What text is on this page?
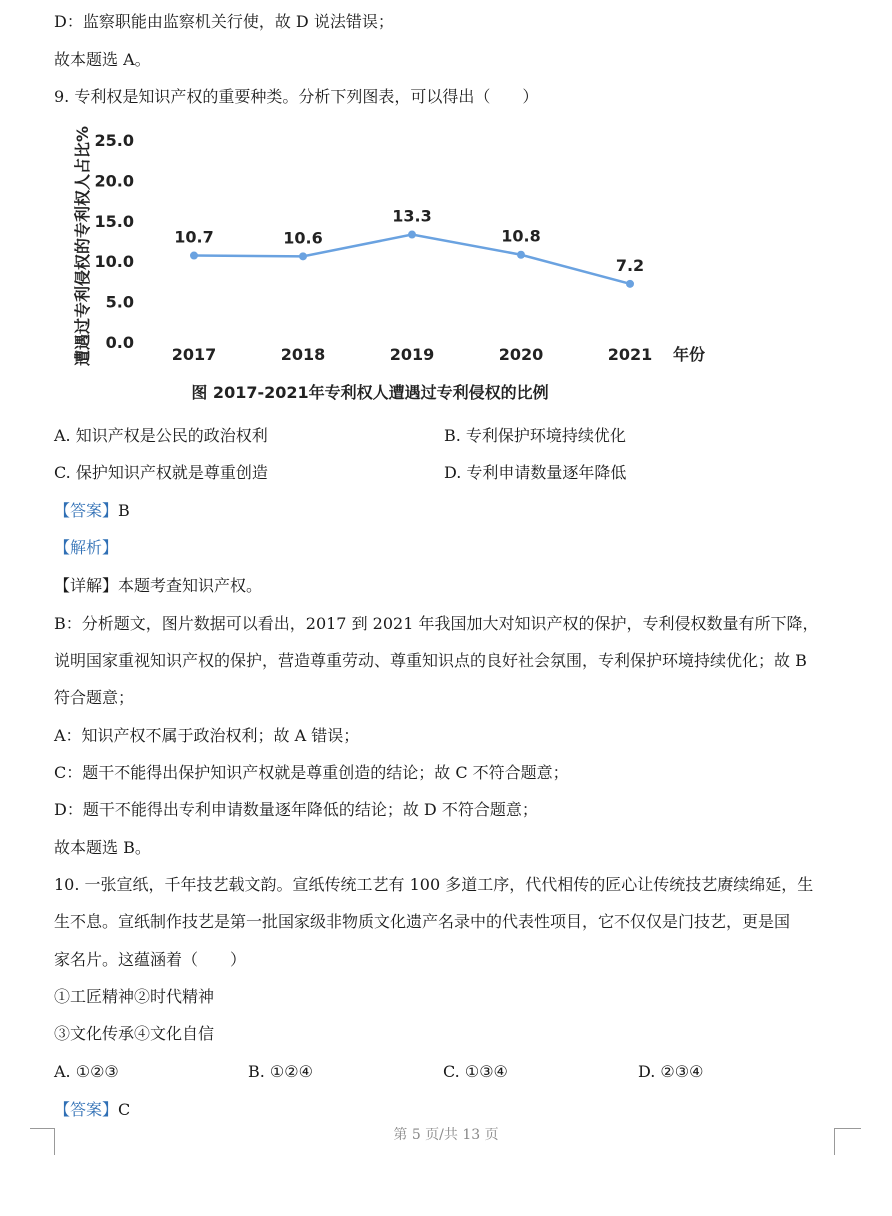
D：监察职能由监察机关行使，故 D 说法错误；
故本题选 A。
9. 专利权是知识产权的重要种类。分析下列图表，可以得出（　　）
遭遇过专利侵权的专利权人占比% 25.0
20.0
15.0
10.0
5.0
0.0
2017	2018	2019	2020	2021 年份
10.7	10.6
13.3
10.8
7.2
图 2017-2021年专利权人遭遇过专利侵权的比例
A. 知识产权是公民的政治权利	B. 专利保护环境持续优化
C. 保护知识产权就是尊重创造	D. 专利申请数量逐年降低
【答案】B
【解析】
【详解】本题考查知识产权。
B：分析题文，图片数据可以看出，2017 到 2021 年我国加大对知识产权的保护，专利侵权数量有所下降，
说明国家重视知识产权的保护，营造尊重劳动、尊重知识点的良好社会氛围，专利保护环境持续优化；故 B
符合题意；
A：知识产权不属于政治权利；故 A 错误；
C：题干不能得出保护知识产权就是尊重创造的结论；故 C 不符合题意；
D：题干不能得出专利申请数量逐年降低的结论；故 D 不符合题意；
故本题选 B。
10. 一张宣纸，千年技艺载文韵。宣纸传统工艺有 100 多道工序，代代相传的匠心让传统技艺赓续绵延，生
生不息。宣纸制作技艺是第一批国家级非物质文化遗产名录中的代表性项目，它不仅仅是门技艺，更是国
家名片。这蕴涵着（　　）
①工匠精神②时代精神
③文化传承④文化自信
A. ①②③	B. ①②④	C. ①③④	D. ②③④
【答案】C
第 5 页/共 13 页
